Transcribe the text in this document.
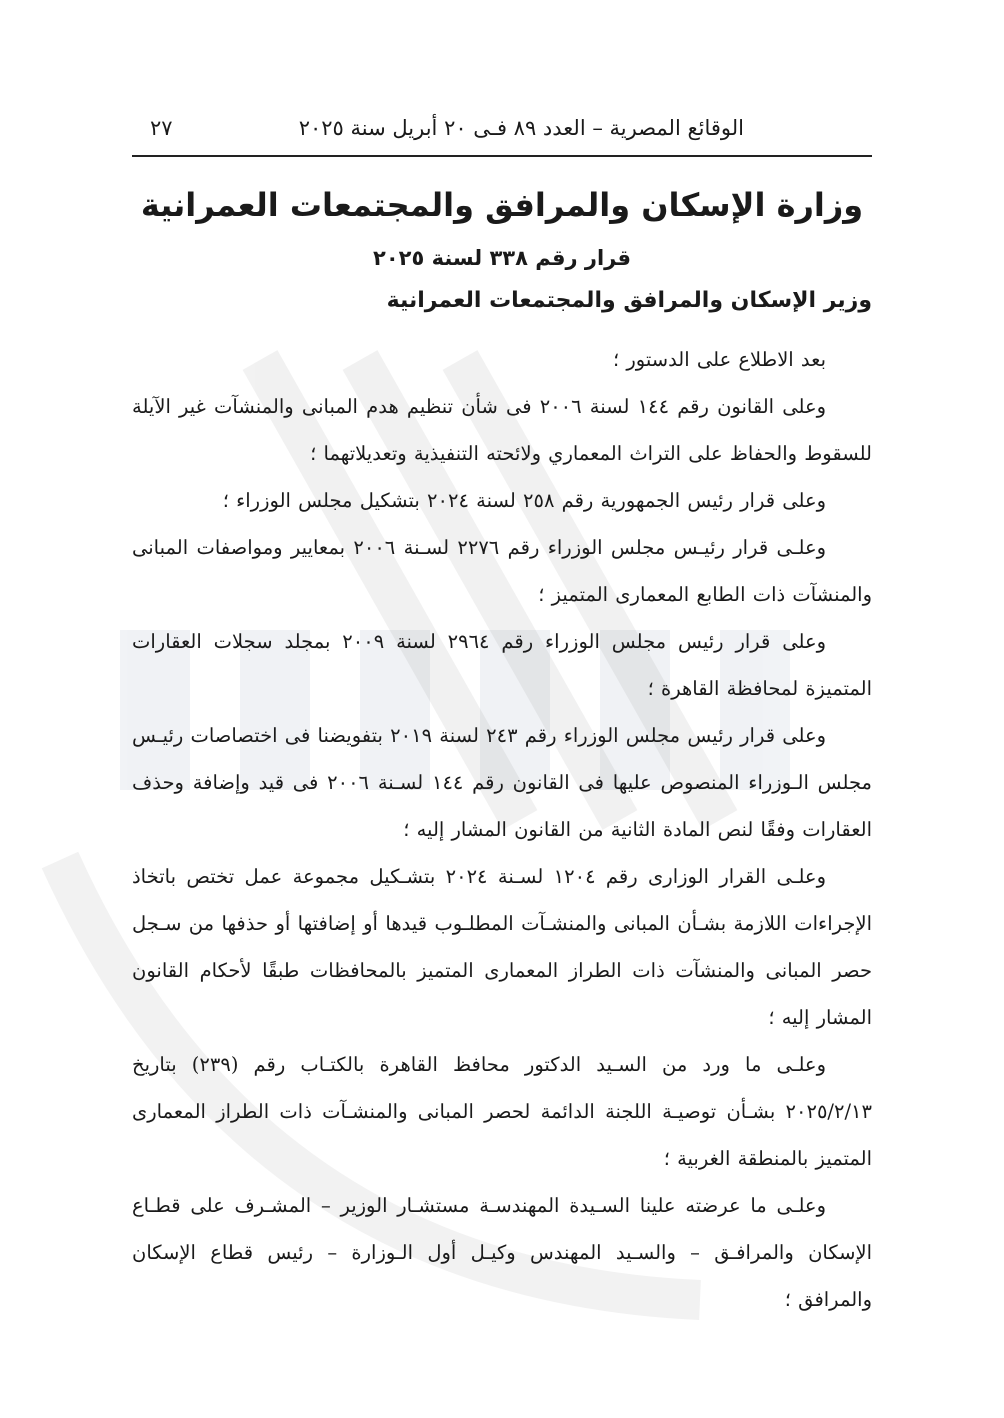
الوقائع المصرية – العدد ٨٩ فـى ٢٠ أبريل سنة ٢٠٢٥
٢٧
وزارة الإسكان والمرافق والمجتمعات العمرانية
قرار رقم ٣٣٨ لسنة ٢٠٢٥
وزير الإسكان والمرافق والمجتمعات العمرانية

بعد الاطلاع على الدستور ؛

وعلى القانون رقم ١٤٤ لسنة ٢٠٠٦ فى شأن تنظيم هدم المبانى والمنشآت غير الآيلة للسقوط والحفاظ على التراث المعماري ولائحته التنفيذية وتعديلاتهما ؛

وعلى قرار رئيس الجمهورية رقم ٢٥٨ لسنة ٢٠٢٤ بتشكيل مجلس الوزراء ؛

وعلـى قرار رئيـس مجلس الوزراء رقم ٢٢٧٦ لسـنة ٢٠٠٦ بمعايير ومواصفات المبانى والمنشآت ذات الطابع المعمارى المتميز ؛

وعلى قرار رئيس مجلس الوزراء رقم ٢٩٦٤ لسنة ٢٠٠٩ بمجلد سجلات العقارات المتميزة لمحافظة القاهرة ؛

وعلى قرار رئيس مجلس الوزراء رقم ٢٤٣ لسنة ٢٠١٩ بتفويضنا فى اختصاصات رئيـس مجلس الـوزراء المنصوص عليها فى القانون رقم ١٤٤ لسـنة ٢٠٠٦ فى قيد وإضافة وحذف العقارات وفقًا لنص المادة الثانية من القانون المشار إليه ؛

وعلـى القرار الوزارى رقم ١٢٠٤ لسـنة ٢٠٢٤ بتشـكيل مجموعة عمل تختص باتخاذ الإجراءات اللازمة بشـأن المبانى والمنشـآت المطلـوب قيدها أو إضافتها أو حذفها من سـجل حصر المبانى والمنشآت ذات الطراز المعمارى المتميز بالمحافظات طبقًا لأحكام القانون المشار إليه ؛

وعلـى ما ورد من السـيد الدكتور محافظ القاهرة بالكتـاب رقم (٢٣٩) بتاريخ ٢٠٢٥/٢/١٣ بشـأن توصيـة اللجنة الدائمة لحصر المبانى والمنشـآت ذات الطراز المعمارى المتميز بالمنطقة الغربية ؛

وعلـى ما عرضته علينا السـيدة المهندسـة مستشـار الوزير – المشـرف على قطـاع الإسكان والمرافـق – والسـيد المهندس وكيـل أول الـوزارة – رئيس قطاع الإسكان والمرافق ؛
